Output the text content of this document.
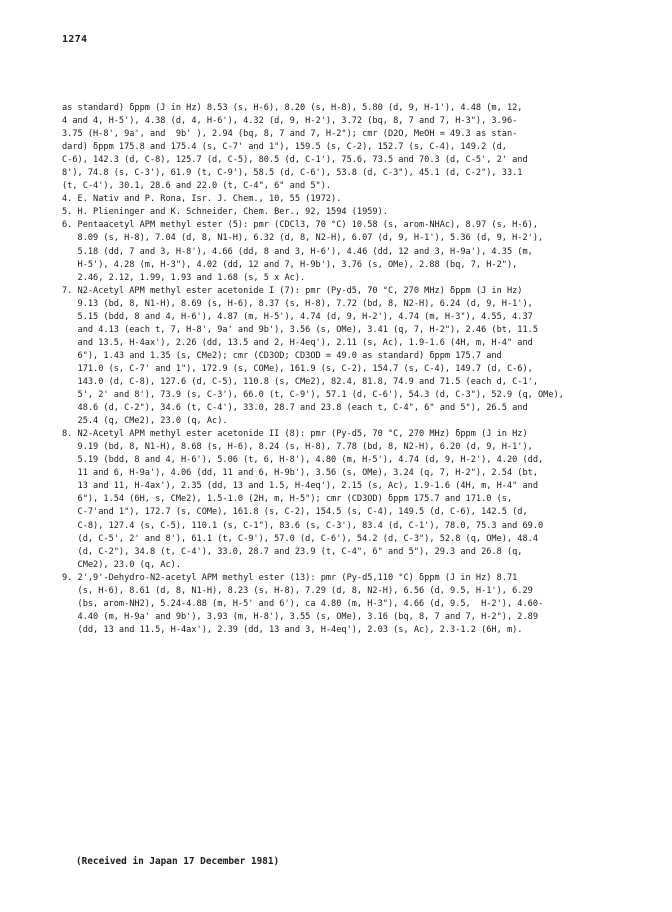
1274
as standard) δppm (J in Hz) 8.53 (s, H-6), 8.20 (s, H-8), 5.80 (d, 9, H-1'), 4.48 (m, 12,
4 and 4, H-5'), 4.38 (d, 4, H-6'), 4.32 (d, 9, H-2'), 3.72 (bq, 8, 7 and 7, H-3"), 3.96-
3.75 (H-8', 9a', and  9b' ), 2.94 (bq, 8, 7 and 7, H-2"); cmr (D2O, MeOH = 49.3 as stan-
dard) δppm 175.8 and 175.4 (s, C-7' and 1"), 159.5 (s, C-2), 152.7 (s, C-4), 149.2 (d,
C-6), 142.3 (d, C-8), 125.7 (d, C-5), 80.5 (d, C-1'), 75.6, 73.5 and 70.3 (d, C-5', 2' and
8'), 74.8 (s, C-3'), 61.9 (t, C-9'), 58.5 (d, C-6'), 53.8 (d, C-3"), 45.1 (d, C-2"), 33.1
(t, C-4'), 30.1, 28.6 and 22.0 (t, C-4", 6" and 5").
4. E. Nativ and P. Rona, Isr. J. Chem., 10, 55 (1972).
5. H. Plieninger and K. Schneider, Chem. Ber., 92, 1594 (1959).
6. Pentaacetyl APM methyl ester (5): pmr (CDCl3, 70 °C) 10.58 (s, arom-NHAc), 8.97 (s, H-6),
8.09 (s, H-8), 7.04 (d, 8, N1-H), 6.32 (d, 8, N2-H), 6.07 (d, 9, H-1'), 5.36 (d, 9, H-2'),
5.18 (dd, 7 and 3, H-8'), 4.66 (dd, 8 and 3, H-6'), 4.46 (dd, 12 and 3, H-9a'), 4.35 (m,
H-5'), 4.28 (m, H-3"), 4.02 (dd, 12 and 7, H-9b'), 3.76 (s, OMe), 2.88 (bq, 7, H-2"),
2.46, 2.12, 1.99, 1.93 and 1.68 (s, 5 x Ac).
7. N2-Acetyl APM methyl ester acetonide I (7): pmr (Py-d5, 70 °C, 270 MHz) δppm (J in Hz)
9.13 (bd, 8, N1-H), 8.69 (s, H-6), 8.37 (s, H-8), 7.72 (bd, 8, N2-H), 6.24 (d, 9, H-1'),
5.15 (bdd, 8 and 4, H-6'), 4.87 (m, H-5'), 4.74 (d, 9, H-2'), 4.74 (m, H-3"), 4.55, 4.37
and 4.13 (each t, 7, H-8', 9a' and 9b'), 3.56 (s, OMe), 3.41 (q, 7, H-2"), 2.46 (bt, 11.5
and 13.5, H-4ax'), 2.26 (dd, 13.5 and 2, H-4eq'), 2.11 (s, Ac), 1.9-1.6 (4H, m, H-4" and
6"), 1.43 and 1.35 (s, CMe2); cmr (CD3OD; CD3OD = 49.0 as standard) δppm 175.7 and
171.0 (s, C-7' and 1"), 172.9 (s, COMe), 161.9 (s, C-2), 154.7 (s, C-4), 149.7 (d, C-6),
143.0 (d, C-8), 127.6 (d, C-5), 110.8 (s, CMe2), 82.4, 81.8, 74.9 and 71.5 (each d, C-1',
5', 2' and 8'), 73.9 (s, C-3'), 66.0 (t, C-9'), 57.1 (d, C-6'), 54.3 (d, C-3"), 52.9 (q, OMe),
48.6 (d, C-2"), 34.6 (t, C-4'), 33.0, 28.7 and 23.8 (each t, C-4", 6" and 5"), 26.5 and
25.4 (q, CMe2), 23.0 (q, Ac).
8. N2-Acetyl APM methyl ester acetonide II (8): pmr (Py-d5, 70 °C, 270 MHz) δppm (J in Hz)
9.19 (bd, 8, N1-H), 8.68 (s, H-6), 8.24 (s, H-8), 7.78 (bd, 8, N2-H), 6.20 (d, 9, H-1'),
5.19 (bdd, 8 and 4, H-6'), 5.06 (t, 6, H-8'), 4.80 (m, H-5'), 4.74 (d, 9, H-2'), 4.20 (dd,
11 and 6, H-9a'), 4.06 (dd, 11 and 6, H-9b'), 3.56 (s, OMe), 3.24 (q, 7, H-2"), 2.54 (bt,
13 and 11, H-4ax'), 2.35 (dd, 13 and 1.5, H-4eq'), 2.15 (s, Ac), 1.9-1.6 (4H, m, H-4" and
6"), 1.54 (6H, s, CMe2), 1.5-1.0 (2H, m, H-5"); cmr (CD3OD) δppm 175.7 and 171.0 (s,
C-7'and 1"), 172.7 (s, COMe), 161.8 (s, C-2), 154.5 (s, C-4), 149.5 (d, C-6), 142.5 (d,
C-8), 127.4 (s, C-5), 110.1 (s, C-1"), 83.6 (s, C-3'), 83.4 (d, C-1'), 78.0, 75.3 and 69.0
(d, C-5', 2' and 8'), 61.1 (t, C-9'), 57.0 (d, C-6'), 54.2 (d, C-3"), 52.8 (q, OMe), 48.4
(d, C-2"), 34.8 (t, C-4'), 33.0, 28.7 and 23.9 (t, C-4", 6" and 5"), 29.3 and 26.8 (q,
CMe2), 23.0 (q, Ac).
9. 2',9'-Dehydro-N2-acetyl APM methyl ester (13): pmr (Py-d5,110 °C) δppm (J in Hz) 8.71
(s, H-6), 8.61 (d, 8, N1-H), 8.23 (s, H-8), 7.29 (d, 8, N2-H), 6.56 (d, 9.5, H-1'), 6.29
(bs, arom-NH2), 5.24-4.88 (m, H-5' and 6'), ca 4.80 (m, H-3"), 4.66 (d, 9.5,  H-2'), 4.60-
4.40 (m, H-9a' and 9b'), 3.93 (m, H-8'), 3.55 (s, OMe), 3.16 (bq, 8, 7 and 7, H-2"), 2.89
(dd, 13 and 11.5, H-4ax'), 2.39 (dd, 13 and 3, H-4eq'), 2.03 (s, Ac), 2.3-1.2 (6H, m).
(Received in Japan 17 December 1981)
